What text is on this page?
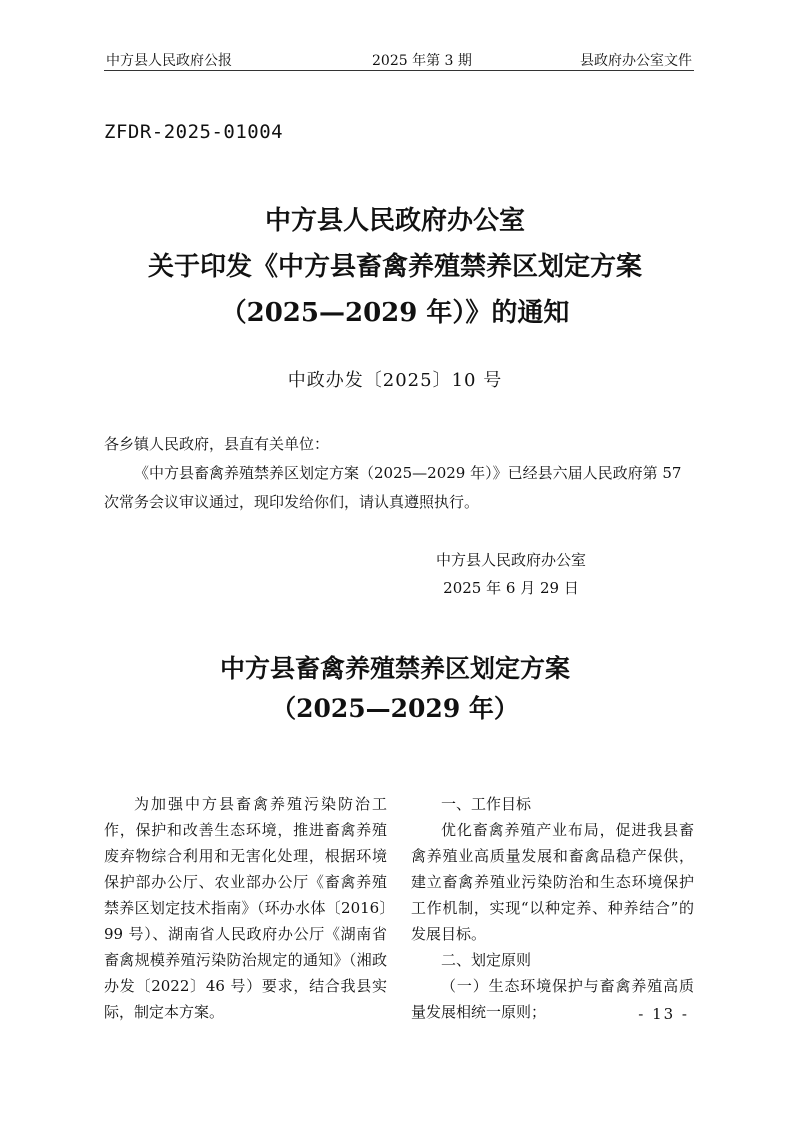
中方县人民政府公报	2025 年第 3 期	县政府办公室文件
ZFDR-2025-01004
中方县人民政府办公室
关于印发《中方县畜禽养殖禁养区划定方案
（2025—2029 年）》的通知
中政办发〔2025〕10 号

各乡镇人民政府，县直有关单位：

《中方县畜禽养殖禁养区划定方案（2025—2029 年）》已经县六届人民政府第 57

次常务会议审议通过，现印发给你们，请认真遵照执行。

中方县人民政府办公室
2025 年 6 月 29 日
中方县畜禽养殖禁养区划定方案
（2025—2029 年）

为加强中方县畜禽养殖污染防治工作，保护和改善生态环境，推进畜禽养殖废弃物综合利用和无害化处理，根据环境保护部办公厅、农业部办公厅《畜禽养殖禁养区划定技术指南》（环办水体〔2016〕99 号）、湖南省人民政府办公厅《湖南省畜禽规模养殖污染防治规定的通知》（湘政办发〔2022〕46 号）要求，结合我县实际，制定本方案。

一、工作目标

优化畜禽养殖产业布局，促进我县畜禽养殖业高质量发展和畜禽品稳产保供，建立畜禽养殖业污染防治和生态环境保护工作机制，实现“以种定养、种养结合”的发展目标。

二、划定原则

（一）生态环境保护与畜禽养殖高质量发展相统一原则；	- 13 -
